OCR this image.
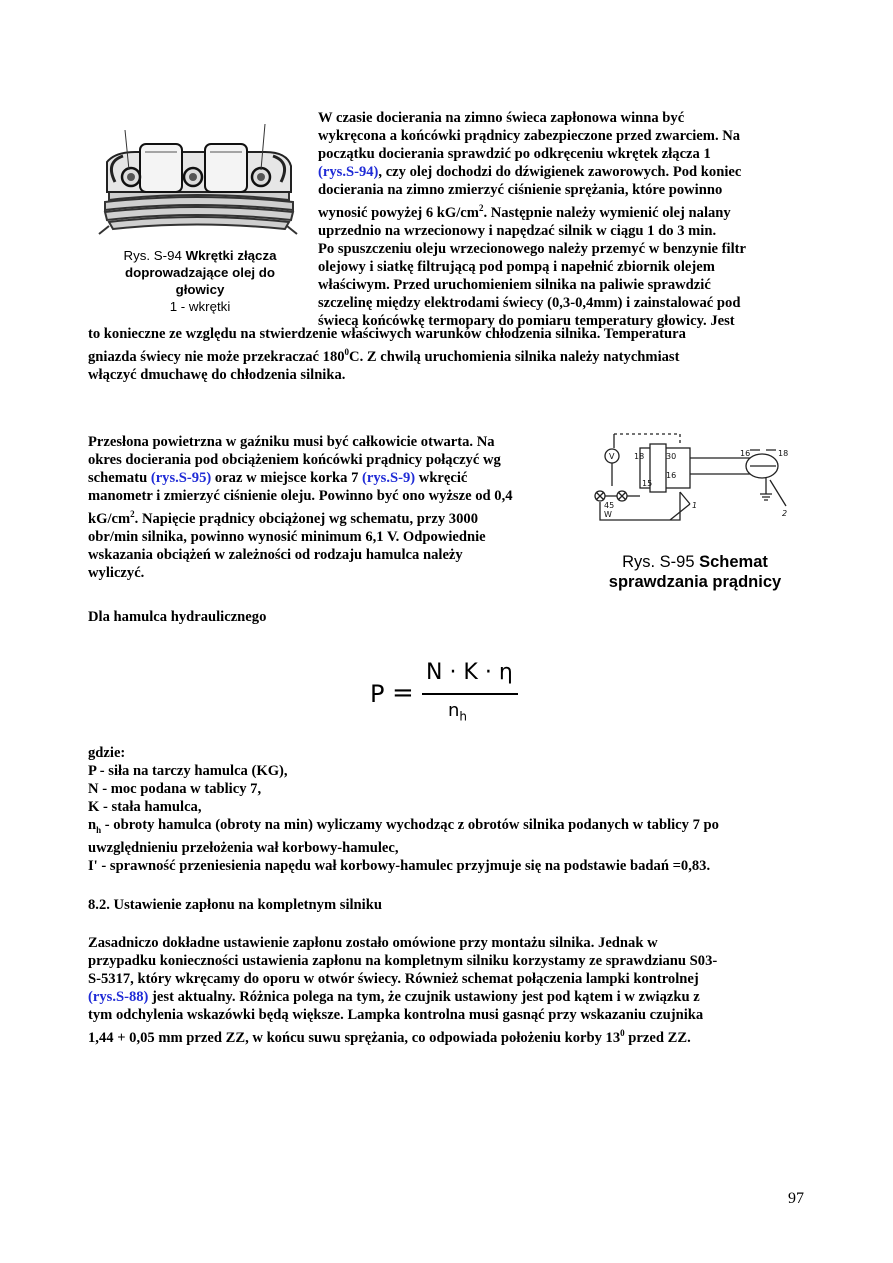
Rys. S-94 Wkrętki złącza doprowadzające olej do głowicy
1 - wkrętki
W czasie docierania na zimno świeca zapłonowa winna być
wykręcona a końcówki prądnicy zabezpieczone przed zwarciem. Na
początku docierania sprawdzić po odkręceniu wkrętek złącza 1
(rys.S-94), czy olej dochodzi do dźwigienek zaworowych. Pod koniec
docierania na zimno zmierzyć ciśnienie sprężania, które powinno
wynosić powyżej 6 $kG/cm^2$. Następnie należy wymienić olej nalany
uprzednio na wrzecionowy i napędzać silnik w ciągu 1 do 3 min.
Po spuszczeniu oleju wrzecionowego należy przemyć w benzynie filtr
olejowy i siatkę filtrującą pod pompą i napełnić zbiornik olejem
właściwym. Przed uruchomieniem silnika na paliwie sprawdzić
szczelinę między elektrodami świecy (0,3-0,4mm) i zainstalować pod
świecą końcówkę termopary do pomiaru temperatury głowicy. Jest
to konieczne ze względu na stwierdzenie właściwych warunków chłodzenia silnika. Temperatura
gniazda świecy nie może przekraczać $180^0C$. Z chwilą uruchomienia silnika należy natychmiast
włączyć dmuchawę do chłodzenia silnika.
Przesłona powietrzna w gaźniku musi być całkowicie otwarta. Na
okres docierania pod obciążeniem końcówki prądnicy połączyć wg
schematu (rys.S-95) oraz w miejsce korka 7 (rys.S-9) wkręcić
manometr i zmierzyć ciśnienie oleju. Powinno być ono wyższe od 0,4
$kG/cm^2$. Napięcie prądnicy obciążonej wg schematu, przy 3000
obr/min silnika, powinno wynosić minimum 6,1 V. Odpowiednie
wskazania obciążeń w zależności od rodzaju hamulca należy
wyliczyć.
V 18	30
15
16
16	18
45
W
1
2
Rys. S-95 Schemat
sprawdzania prądnicy
Dla hamulca hydraulicznego
P =
N · K · η
$n_h$
gdzie:
P - siła na tarczy hamulca (KG),
N - moc podana w tablicy 7,
K - stała hamulca,
$n_h$ - obroty hamulca (obroty na min) wyliczamy wychodząc z obrotów silnika podanych w tablicy 7 po
uwzględnieniu przełożenia wał korbowy-hamulec,
I' - sprawność przeniesienia napędu wał korbowy-hamulec przyjmuje się na podstawie badań =0,83.
8.2. Ustawienie zapłonu na kompletnym silniku
Zasadniczo dokładne ustawienie zapłonu zostało omówione przy montażu silnika. Jednak w
przypadku konieczności ustawienia zapłonu na kompletnym silniku korzystamy ze sprawdzianu S03-
S-5317, który wkręcamy do oporu w otwór świecy. Również schemat połączenia lampki kontrolnej
(rys.S-88) jest aktualny. Różnica polega na tym, że czujnik ustawiony jest pod kątem i w związku z
tym odchylenia wskazówki będą większe. Lampka kontrolna musi gasnąć przy wskazaniu czujnika
1,44 + 0,05 mm przed ZZ, w końcu suwu sprężania, co odpowiada położeniu korby $13^0$ przed ZZ.
97
